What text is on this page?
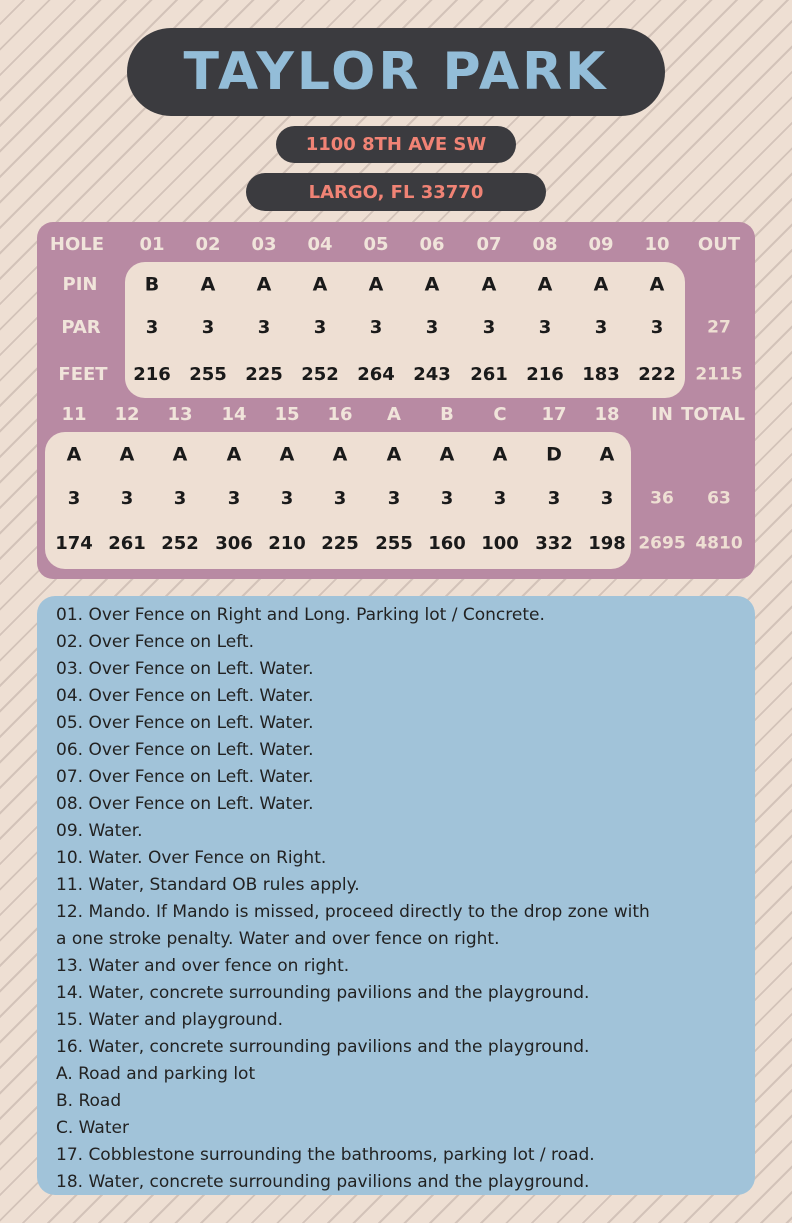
TAYLOR PARK
1100 8TH AVE SW
LARGO, FL 33770
HOLE
PIN
PAR
FEET
OUT
01
B
3
216
02
A
3
255
03
A
3
225
04
A
3
252
05
A
3
264
06
A
3
243
07
A
3
261
08
A
3
216
09
A
3
183
10
A
3
222
27
2115
11
A
3
174
12
A
3
261
13
A
3
252
14
A
3
306
15
A
3
210
16
A
3
225
A
A
3
255
B
A
3
160
C
A
3
100
17
D
3
332
18
A
3
198
IN TOTAL
36
2695
63
4810
01. Over Fence on Right and Long. Parking lot / Concrete.
02. Over Fence on Left.
03. Over Fence on Left. Water.
04. Over Fence on Left. Water.
05. Over Fence on Left. Water.
06. Over Fence on Left. Water.
07. Over Fence on Left. Water.
08. Over Fence on Left. Water.
09. Water.
10. Water. Over Fence on Right.
11. Water, Standard OB rules apply.
12. Mando. If Mando is missed, proceed directly to the drop zone with
a one stroke penalty. Water and over fence on right.
13. Water and over fence on right.
14. Water, concrete surrounding pavilions and the playground.
15. Water and playground.
16. Water, concrete surrounding pavilions and the playground.
A. Road and parking lot
B. Road
C. Water
17. Cobblestone surrounding the bathrooms, parking lot / road.
18. Water, concrete surrounding pavilions and the playground.
